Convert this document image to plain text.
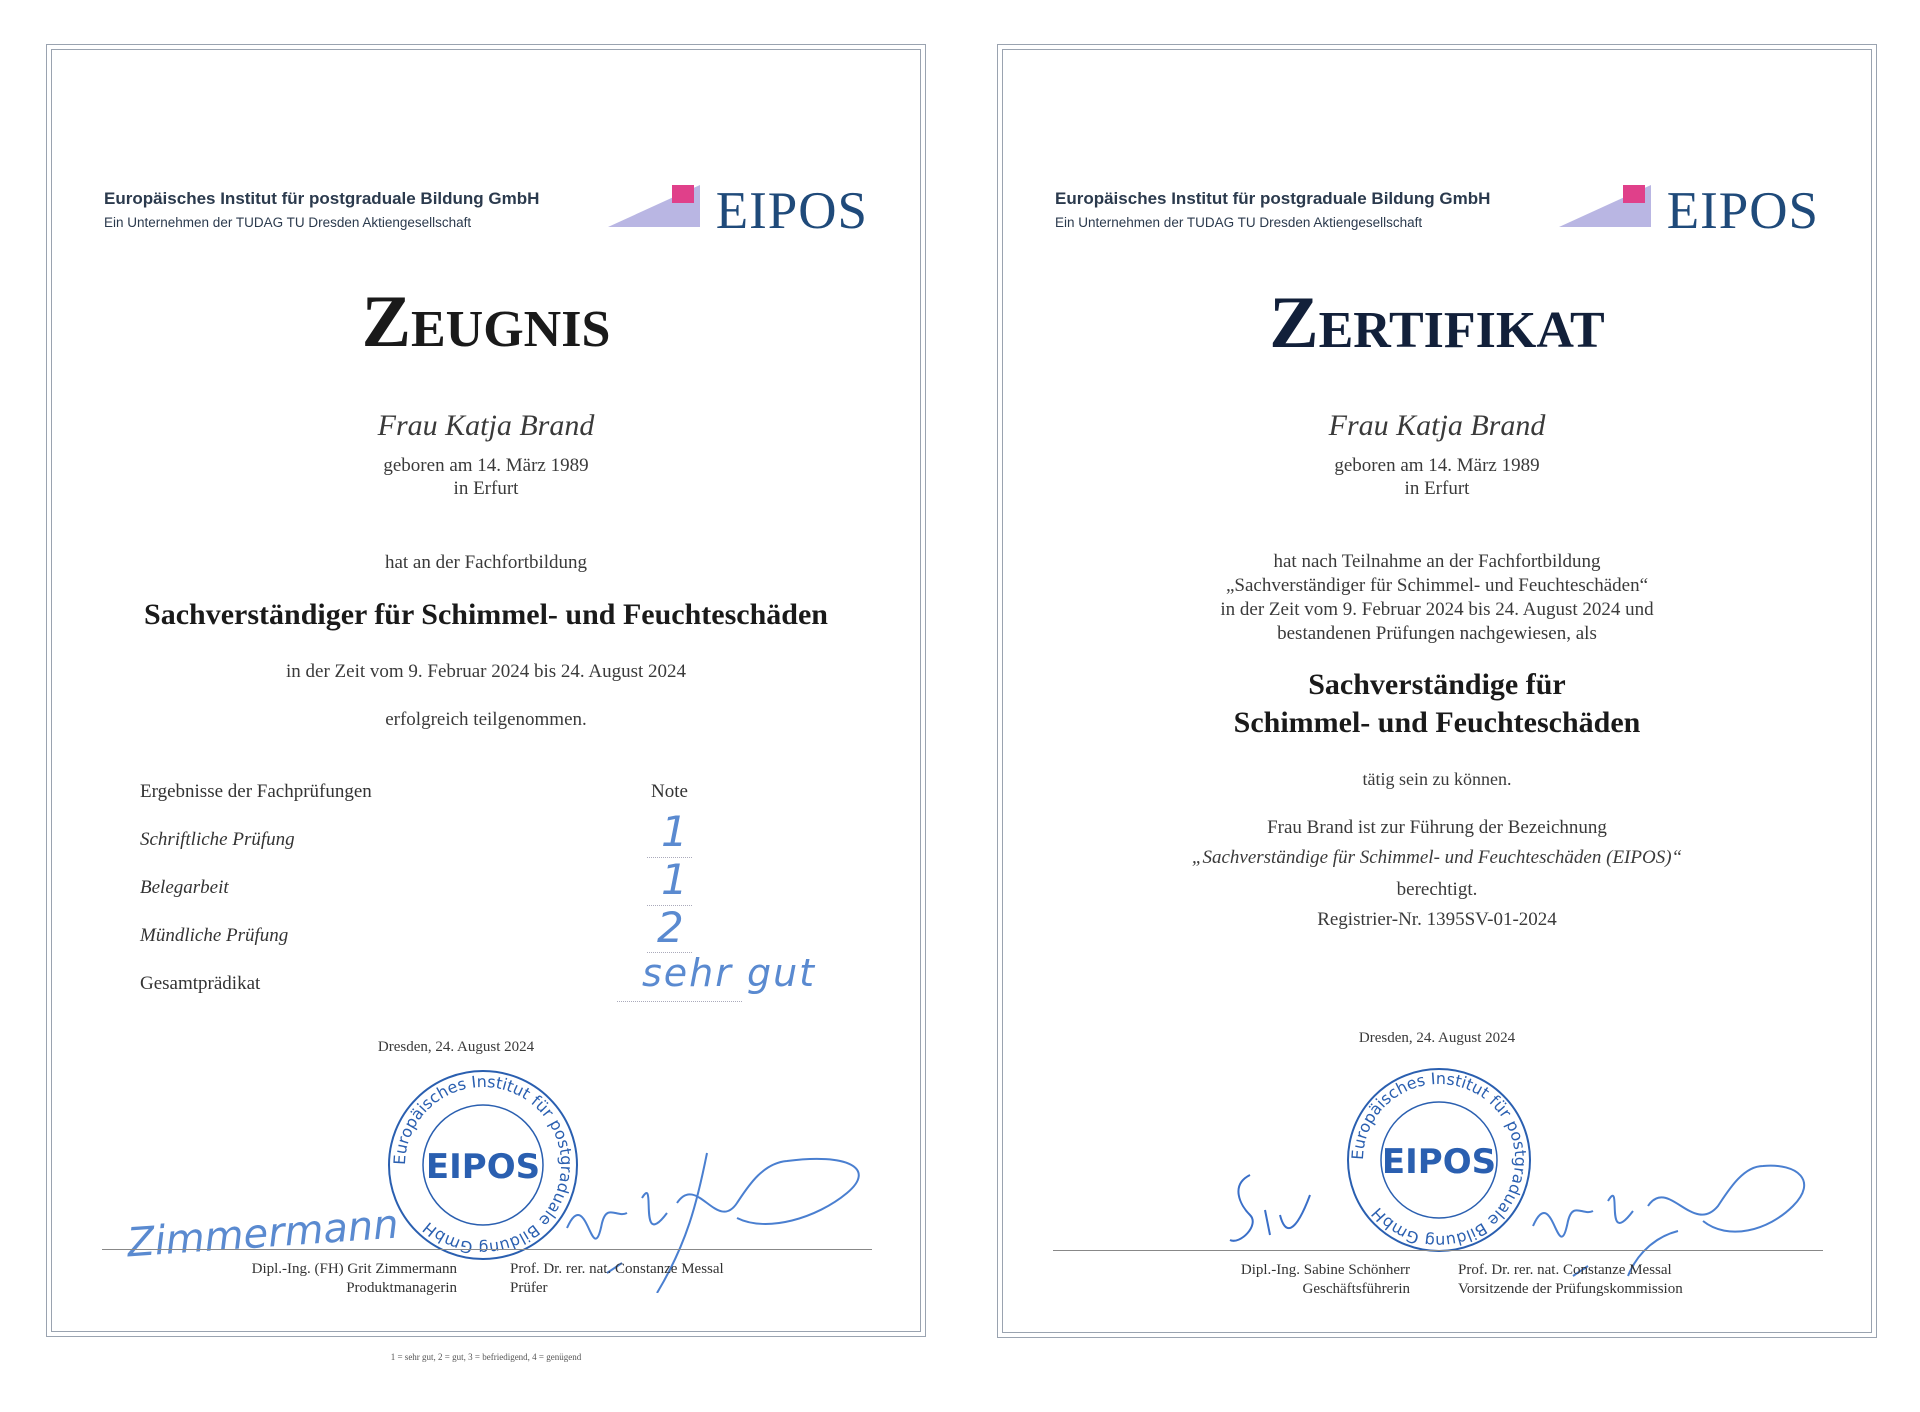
Europäisches Institut für postgraduale Bildung GmbH
Ein Unternehmen der TUDAG TU Dresden Aktiengesellschaft	EIPOS
Zeugnis
Frau Katja Brand
geboren am 14. März 1989
in Erfurt
hat an der Fachfortbildung
Sachverständiger für Schimmel- und Feuchteschäden
in der Zeit vom 9. Februar 2024 bis 24. August 2024
erfolgreich teilgenommen.
Ergebnisse der Fachprüfungen	Note
Schriftliche Prüfung	1
Belegarbeit	1
Mündliche Prüfung	2
Gesamtprädikat	sehr gut
Dresden, 24. August 2024
Europäisches Institut für postgraduale Bildung GmbH
EIPOS
Zimmermann
Dipl.-Ing. (FH) Grit Zimmermann
Produktmanagerin
Prof. Dr. rer. nat. Constanze Messal
Prüfer
1 = sehr gut, 2 = gut, 3 = befriedigend, 4 = genügend
Europäisches Institut für postgraduale Bildung GmbH
Ein Unternehmen der TUDAG TU Dresden Aktiengesellschaft	EIPOS
Zertifikat
Frau Katja Brand
geboren am 14. März 1989
in Erfurt
hat nach Teilnahme an der Fachfortbildung
„Sachverständiger für Schimmel- und Feuchteschäden“
in der Zeit vom 9. Februar 2024 bis 24. August 2024 und
bestandenen Prüfungen nachgewiesen, als
Sachverständige für
Schimmel- und Feuchteschäden
tätig sein zu können.
Frau Brand ist zur Führung der Bezeichnung
„Sachverständige für Schimmel- und Feuchteschäden (EIPOS)“
berechtigt.
Registrier-Nr. 1395SV-01-2024
Dresden, 24. August 2024
Europäisches Institut für postgraduale Bildung GmbH
EIPOS
Dipl.-Ing. Sabine Schönherr
Geschäftsführerin
Prof. Dr. rer. nat. Constanze Messal
Vorsitzende der Prüfungskommission
